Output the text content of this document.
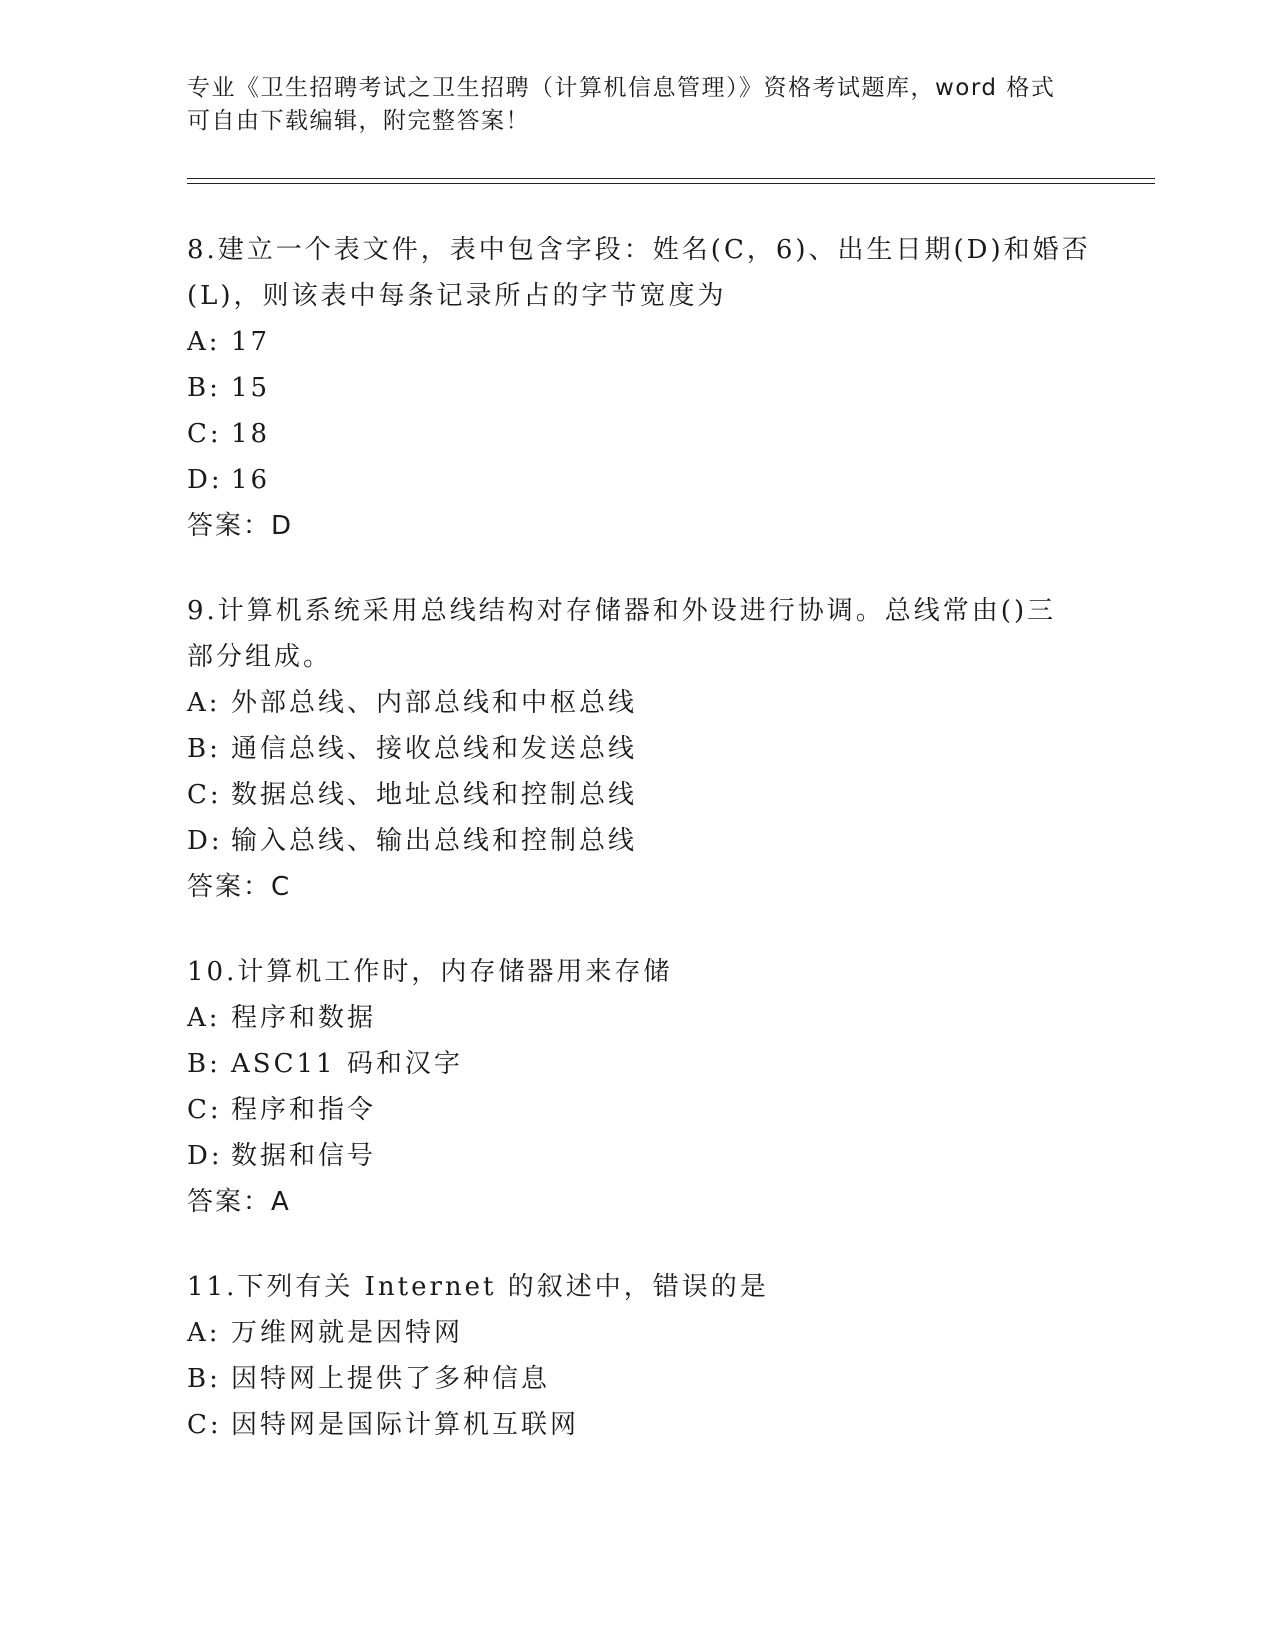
专业《卫生招聘考试之卫生招聘（计算机信息管理）》资格考试题库，word 格式
可自由下载编辑，附完整答案！
8.建立一个表文件，表中包含字段：姓名(C，6)、出生日期(D)和婚否
(L)，则该表中每条记录所占的字节宽度为
A: 17
B: 15
C: 18
D: 16
答案：D
9.计算机系统采用总线结构对存储器和外设进行协调。总线常由()三
部分组成。
A: 外部总线、内部总线和中枢总线
B: 通信总线、接收总线和发送总线
C: 数据总线、地址总线和控制总线
D: 输入总线、输出总线和控制总线
答案：C
10.计算机工作时，内存储器用来存储
A: 程序和数据
B: ASC11 码和汉字
C: 程序和指令
D: 数据和信号
答案：A
11.下列有关 Internet 的叙述中，错误的是
A: 万维网就是因特网
B: 因特网上提供了多种信息
C: 因特网是国际计算机互联网
